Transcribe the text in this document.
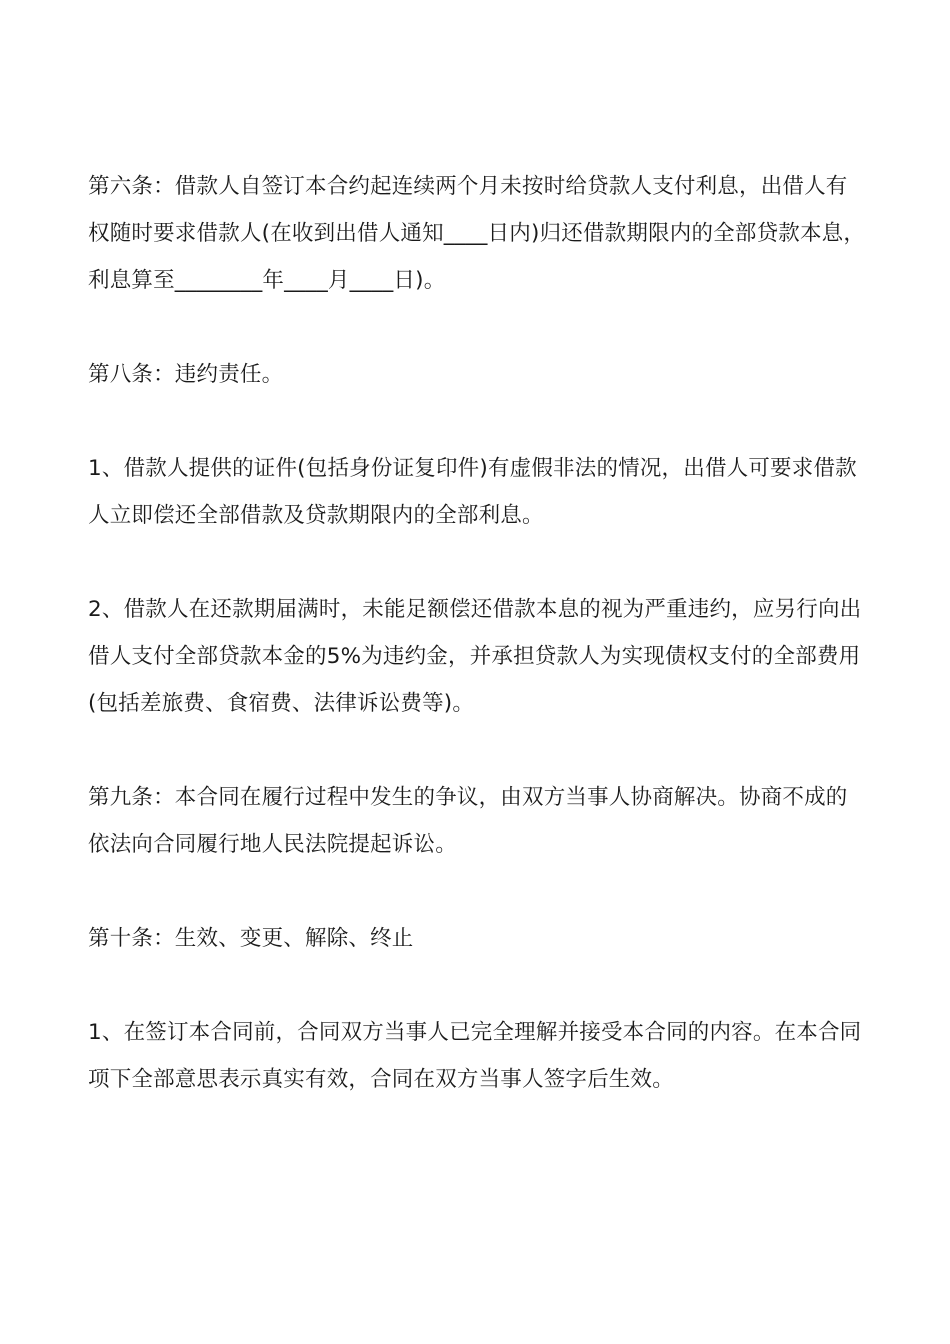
第六条：借款人自签订本合约起连续两个月未按时给贷款人支付利息，出借人有权随时要求借款人(在收到出借人通知____日内)归还借款期限内的全部贷款本息，利息算至________年____月____日)。

第八条：违约责任。

1、借款人提供的证件(包括身份证复印件)有虚假非法的情况，出借人可要求借款人立即偿还全部借款及贷款期限内的全部利息。

2、借款人在还款期届满时，未能足额偿还借款本息的视为严重违约，应另行向出借人支付全部贷款本金的5%为违约金，并承担贷款人为实现债权支付的全部费用(包括差旅费、食宿费、法律诉讼费等)。

第九条：本合同在履行过程中发生的争议，由双方当事人协商解决。协商不成的依法向合同履行地人民法院提起诉讼。

第十条：生效、变更、解除、终止

1、在签订本合同前，合同双方当事人已完全理解并接受本合同的内容。在本合同项下全部意思表示真实有效，合同在双方当事人签字后生效。
